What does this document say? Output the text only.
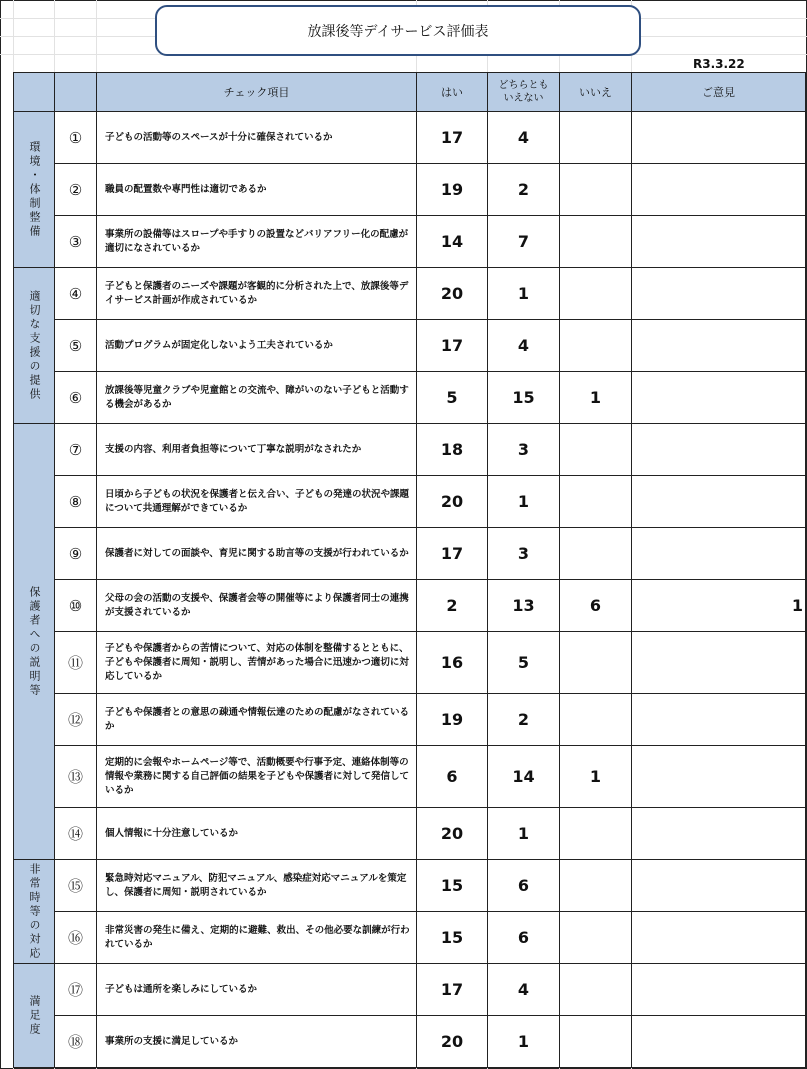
放課後等デイサービス評価表
R3.3.22
		チェック項目	はい	どちらとも
いえない	いいえ	ご意見
環境・体制整備	①	子どもの活動等のスペースが十分に確保されているか	17	4		
	②	職員の配置数や専門性は適切であるか	19	2		
	③	事業所の設備等はスロープや手すりの設置などバリアフリー化の配慮が適切になされているか	14	7		
適切な支援の提供	④	子どもと保護者のニーズや課題が客観的に分析された上で、放課後等デイサービス計画が作成されているか	20	1		
	⑤	活動プログラムが固定化しないよう工夫されているか	17	4		
	⑥	放課後等児童クラブや児童館との交流や、障がいのない子どもと活動する機会があるか	5	15	1	
保護者への説明等	⑦	支援の内容、利用者負担等について丁寧な説明がなされたか	18	3		
	⑧	日頃から子どもの状況を保護者と伝え合い、子どもの発達の状況や課題について共通理解ができているか	20	1		
	⑨	保護者に対しての面談や、育児に関する助言等の支援が行われているか	17	3		
	⑩	父母の会の活動の支援や、保護者会等の開催等により保護者同士の連携が支援されているか	2	13	6	1
	⑪	子どもや保護者からの苦情について、対応の体制を整備するとともに、子どもや保護者に周知・説明し、苦情があった場合に迅速かつ適切に対応しているか	16	5		
	⑫	子どもや保護者との意思の疎通や情報伝達のための配慮がなされているか	19	2		
	⑬	定期的に会報やホームページ等で、活動概要や行事予定、連絡体制等の情報や業務に関する自己評価の結果を子どもや保護者に対して発信しているか	6	14	1	
	⑭	個人情報に十分注意しているか	20	1		
非常時等の対応	⑮	緊急時対応マニュアル、防犯マニュアル、感染症対応マニュアルを策定し、保護者に周知・説明されているか	15	6		
	⑯	非常災害の発生に備え、定期的に避難、救出、その他必要な訓練が行われているか	15	6		
満足度	⑰	子どもは通所を楽しみにしているか	17	4		
	⑱	事業所の支援に満足しているか	20	1		
